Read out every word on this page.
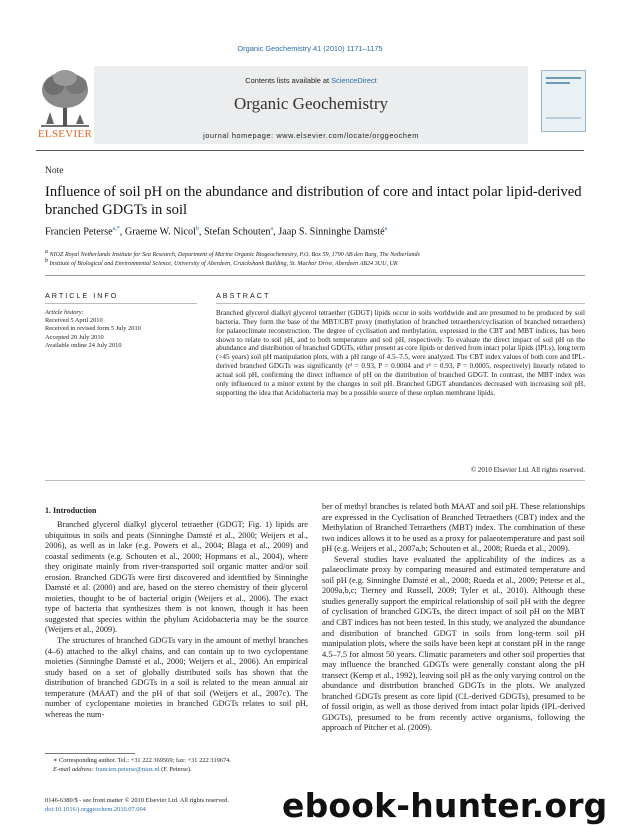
Organic Geochemistry 41 (2010) 1171–1175
ELSEVIER
Contents lists available at ScienceDirect
Organic Geochemistry
journal homepage: www.elsevier.com/locate/orggeochem
Note
Influence of soil pH on the abundance and distribution of core and intact polar lipid-derived branched GDGTs in soil
Francien Peterse$^{a,*}$, Graeme W. Nicol$^b$, Stefan Schouten$^a$, Jaap S. Sinninghe Damsté$^a$
$^a$ NIOZ Royal Netherlands Institute for Sea Research, Department of Marine Organic Biogeochemistry, P.O. Box 59, 1790 AB den Burg, The Netherlands
$^b$ Institute of Biological and Environmental Science, University of Aberdeen, Cruickshank Building, St. Machar Drive, Aberdeen AB24 3UU, UK
ARTICLE INFO	ABSTRACT
Article history:
Received 5 April 2010
Received in revised form 5 July 2010
Accepted 20 July 2010
Available online 24 July 2010
Branched glycerol dialkyl glycerol tetraether (GDGT) lipids occur in soils worldwide and are presumed to be produced by soil bacteria. They form the base of the MBT/CBT proxy (methylation of branched tetraethers/cyclisation of branched tetraethers) for palaeoclimate reconstruction. The degree of cyclisation and methylation, expressed in the CBT and MBT indices, has been shown to relate to soil pH, and to both temperature and soil pH, respectively. To evaluate the direct impact of soil pH on the abundance and distribution of branched GDGTs, either present as core lipids or derived from intact polar lipids (IPLs), long term (>45 years) soil pH manipulation plots, with a pH range of 4.5–7.5, were analyzed. The CBT index values of both core and IPL-derived branched GDGTs was significantly (r² = 0.93, P = 0.0004 and r² = 0.93, P = 0.0005, respectively) linearly related to actual soil pH, confirming the direct influence of pH on the distribution of branched GDGT. In contrast, the MBT index was only influenced to a minor extent by the changes in soil pH. Branched GDGT abundances decreased with increasing soil pH, supporting the idea that Acidobacteria may be a possible source of these orphan membrane lipids.
© 2010 Elsevier Ltd. All rights reserved.
1. Introduction

Branched glycerol dialkyl glycerol tetraether (GDGT; Fig. 1) lipids are ubiquitous in soils and peats (Sinninghe Damsté et al., 2000; Weijers et al., 2006), as well as in lake (e.g. Powers et al., 2004; Blaga et al., 2009) and coastal sediments (e.g. Schouten et al., 2000; Hopmans et al., 2004), where they originate mainly from river-transported soil organic matter and/or soil erosion. Branched GDGTs were first discovered and identified by Sinninghe Damsté et al. (2000) and are, based on the stereo chemistry of their glycerol moieties, thought to be of bacterial origin (Weijers et al., 2006). The exact type of bacteria that synthesizes them is not known, though it has been suggested that species within the phylum Acidobacteria may be the source (Weijers et al., 2009).

The structures of branched GDGTs vary in the amount of methyl branches (4–6) attached to the alkyl chains, and can contain up to two cyclopentane moieties (Sinninghe Damsté et al., 2000; Weijers et al., 2006). An empirical study based on a set of globally distributed soils has shown that the distribution of branched GDGTs in a soil is related to the mean annual air temperature (MAAT) and the pH of that soil (Weijers et al., 2007c). The number of cyclopentane moieties in branched GDGTs relates to soil pH, whereas the num-

ber of methyl branches is related both MAAT and soil pH. These relationships are expressed in the Cyclisation of Branched Tetraethers (CBT) index and the Methylation of Branched Tetraethers (MBT) index. The combination of these two indices allows it to be used as a proxy for palaeotemperature and past soil pH (e.g. Weijers et al., 2007a,b; Schouten et al., 2008; Rueda et al., 2009).

Several studies have evaluated the applicability of the indices as a palaeoclimate proxy by comparing measured and estimated temperature and soil pH (e.g. Sinninghe Damsté et al., 2008; Rueda et al., 2009; Peterse et al., 2009a,b,c; Tierney and Russell, 2009; Tyler et al., 2010). Although these studies generally support the empirical relationship of soil pH with the degree of cyclisation of branched GDGTs, the direct impact of soil pH on the MBT and CBT indices has not been tested. In this study, we analyzed the abundance and distribution of branched GDGT in soils from long-term soil pH manipulation plots, where the soils have been kept at constant pH in the range 4.5–7.5 for almost 50 years. Climatic parameters and other soil properties that may influence the branched GDGTs were generally constant along the pH transect (Kemp et al., 1992), leaving soil pH as the only varying control on the abundance and distribution branched GDGTs in the plots. We analyzed branched GDGTs present as core lipid (CL-derived GDGTs), presumed to be of fossil origin, as well as those derived from intact polar lipids (IPL-derived GDGTs), presumed to be from recently active organisms, following the approach of Pitcher et al. (2009).

∗ Corresponding author. Tel.: +31 222 369569; fax: +31 222 319674.
E-mail address: francien.peterse@nioz.nl (F. Peterse).
0146-6380/$ - see front matter © 2010 Elsevier Ltd. All rights reserved.
doi:10.1016/j.orggeochem.2010.07.004	ebook-hunter.org
